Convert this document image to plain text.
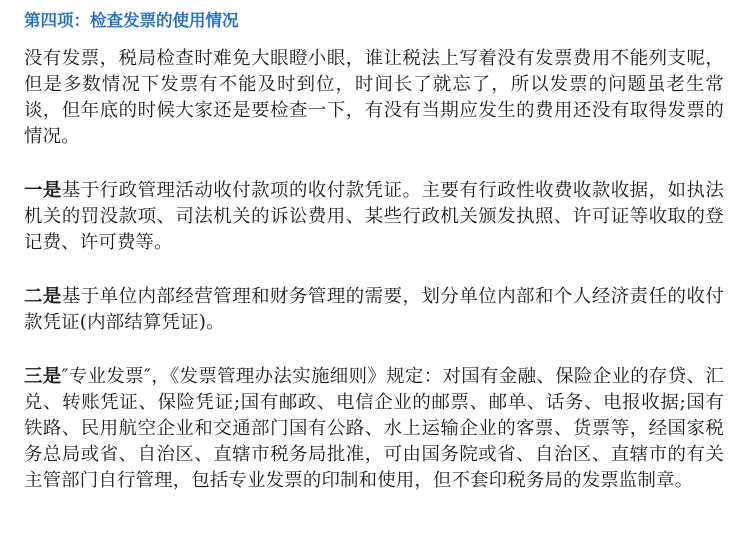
第四项：检查发票的使用情况

没有发票，税局检查时难免大眼瞪小眼，谁让税法上写着没有发票费用不能列支呢，但是多数情况下发票有不能及时到位，时间长了就忘了，所以发票的问题虽老生常谈，但年底的时候大家还是要检查一下，有没有当期应发生的费用还没有取得发票的情况。

一是基于行政管理活动收付款项的收付款凭证。主要有行政性收费收款收据，如执法机关的罚没款项、司法机关的诉讼费用、某些行政机关颁发执照、许可证等收取的登记费、许可费等。

二是基于单位内部经营管理和财务管理的需要，划分单位内部和个人经济责任的收付款凭证(内部结算凭证)。

三是″专业发票″，《发票管理办法实施细则》规定：对国有金融、保险企业的存贷、汇兑、转账凭证、保险凭证;国有邮政、电信企业的邮票、邮单、话务、电报收据;国有铁路、民用航空企业和交通部门国有公路、水上运输企业的客票、货票等，经国家税务总局或省、自治区、直辖市税务局批准，可由国务院或省、自治区、直辖市的有关主管部门自行管理，包括专业发票的印制和使用，但不套印税务局的发票监制章。
